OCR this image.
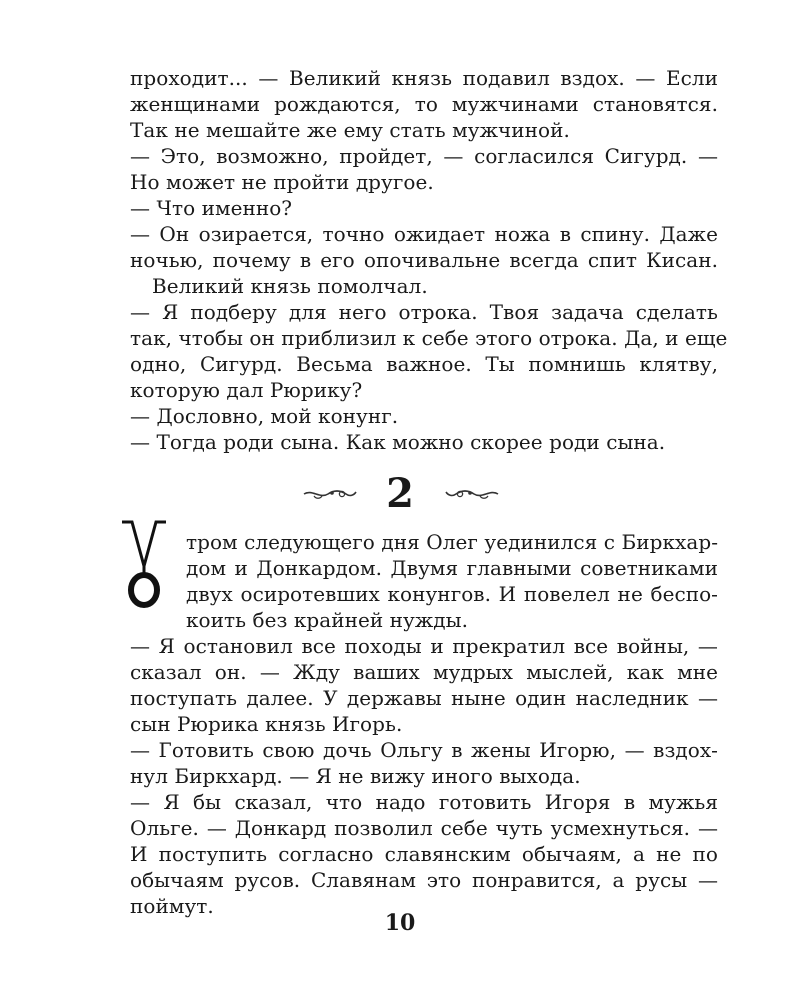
проходит... — Великий князь подавил вздох. — Если
женщинами рождаются, то мужчинами становятся.
Так не мешайте же ему стать мужчиной.
— Это, возможно, пройдет, — согласился Сигурд. —
Но может не пройти другое.
— Что именно?
— Он озирается, точно ожидает ножа в спину. Даже
ночью, почему в его опочивальне всегда спит Кисан.
Великий князь помолчал.
— Я подберу для него отрока. Твоя задача сделать
так, чтобы он приблизил к себе этого отрока. Да, и еще
одно, Сигурд. Весьма важное. Ты помнишь клятву,
которую дал Рюрику?
— Дословно, мой конунг.
— Тогда роди сына. Как можно скорее роди сына.
2
У
тром следующего дня Олег уединился с Биркхар-
дом и Донкардом. Двумя главными советниками
двух осиротевших конунгов. И повелел не беспо-
коить без крайней нужды.
— Я остановил все походы и прекратил все войны, —
сказал он. — Жду ваших мудрых мыслей, как мне
поступать далее. У державы ныне один наследник —
сын Рюрика князь Игорь.
— Готовить свою дочь Ольгу в жены Игорю, — вздох-
нул Биркхард. — Я не вижу иного выхода.
— Я бы сказал, что надо готовить Игоря в мужья
Ольге. — Донкард позволил себе чуть усмехнуться. —
И поступить согласно славянским обычаям, а не по
обычаям русов. Славянам это понравится, а русы —
поймут.
10
